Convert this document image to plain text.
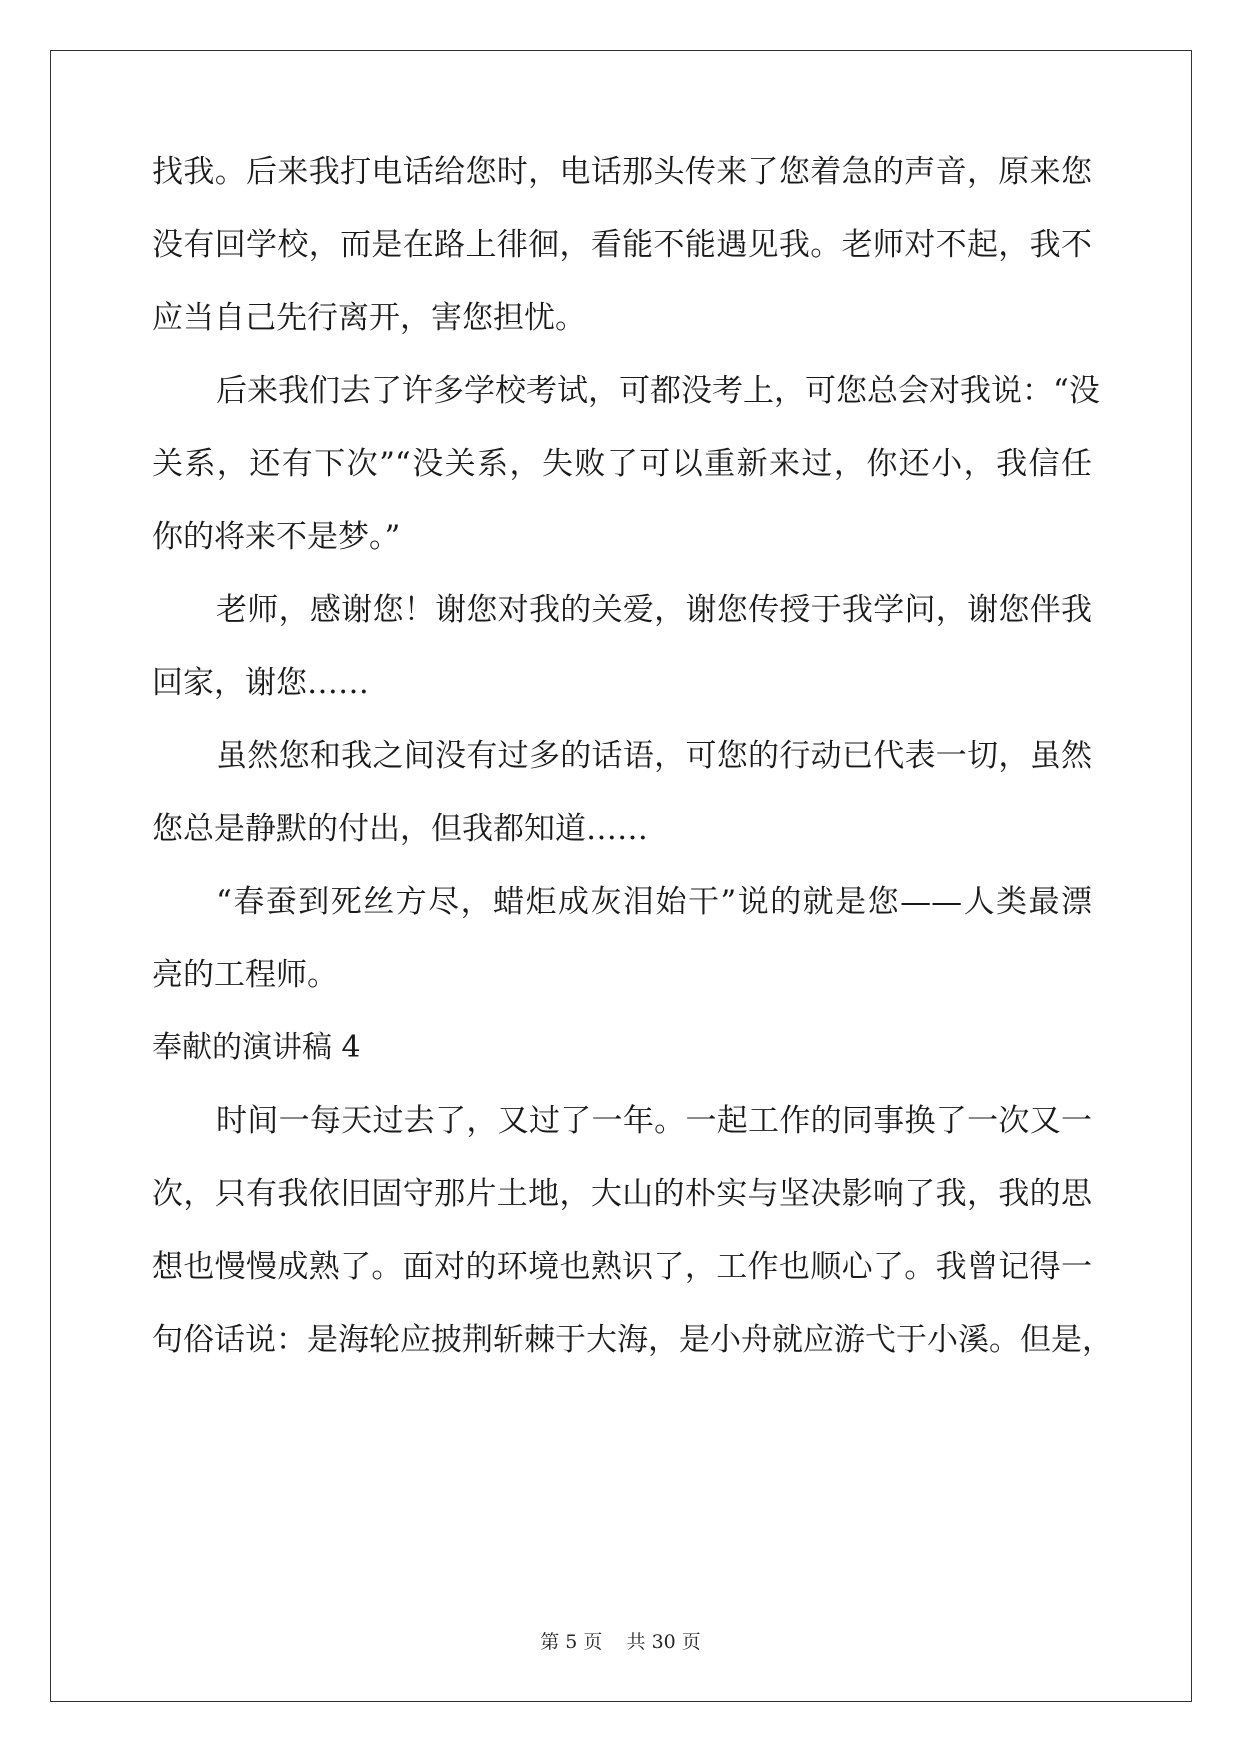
找我。后来我打电话给您时，电话那头传来了您着急的声音，原来您
没有回学校，而是在路上徘徊，看能不能遇见我。老师对不起，我不
应当自己先行离开，害您担忧。
后来我们去了许多学校考试，可都没考上，可您总会对我说：“没
关系，还有下次”“没关系，失败了可以重新来过，你还小，我信任
你的将来不是梦。”
老师，感谢您！谢您对我的关爱，谢您传授于我学问，谢您伴我
回家，谢您……
虽然您和我之间没有过多的话语，可您的行动已代表一切，虽然
您总是静默的付出，但我都知道……
“春蚕到死丝方尽，蜡炬成灰泪始干”说的就是您——人类最漂
亮的工程师。
奉献的演讲稿 4
时间一每天过去了，又过了一年。一起工作的同事换了一次又一
次，只有我依旧固守那片土地，大山的朴实与坚决影响了我，我的思
想也慢慢成熟了。面对的环境也熟识了，工作也顺心了。我曾记得一
句俗话说：是海轮应披荆斩棘于大海，是小舟就应游弋于小溪。但是，
第 5 页    共 30 页
